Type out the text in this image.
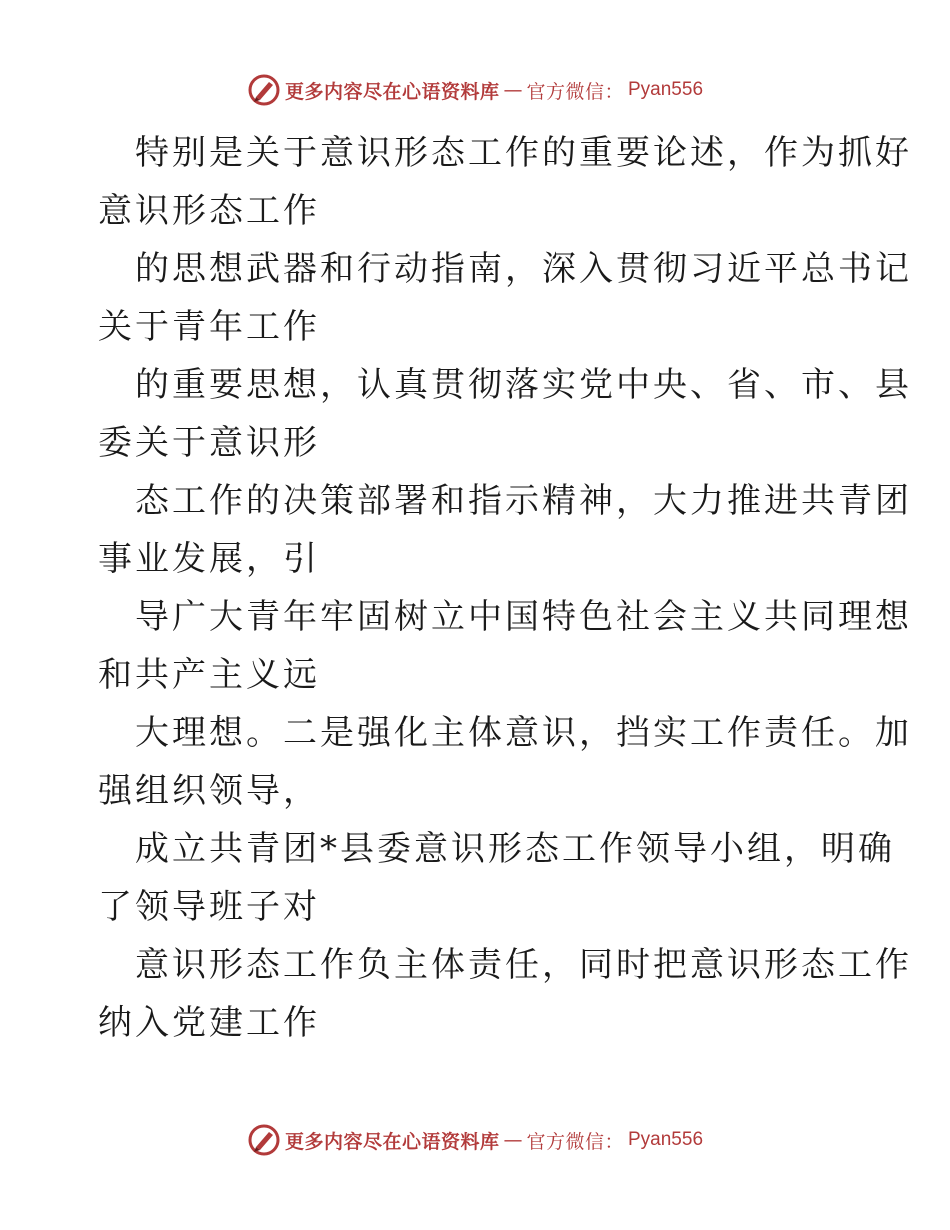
更多内容尽在心语资料库 — 官方微信： Pyan556
特别是关于意识形态工作的重要论述，作为抓好
意识形态工作
的思想武器和行动指南，深入贯彻习近平总书记
关于青年工作
的重要思想，认真贯彻落实党中央、省、市、县
委关于意识形
态工作的决策部署和指示精神，大力推进共青团
事业发展，引
导广大青年牢固树立中国特色社会主义共同理想
和共产主义远
大理想。二是强化主体意识，挡实工作责任。加
强组织领导，
成立共青团*县委意识形态工作领导小组，明确
了领导班子对
意识形态工作负主体责任，同时把意识形态工作
纳入党建工作
更多内容尽在心语资料库 — 官方微信： Pyan556
